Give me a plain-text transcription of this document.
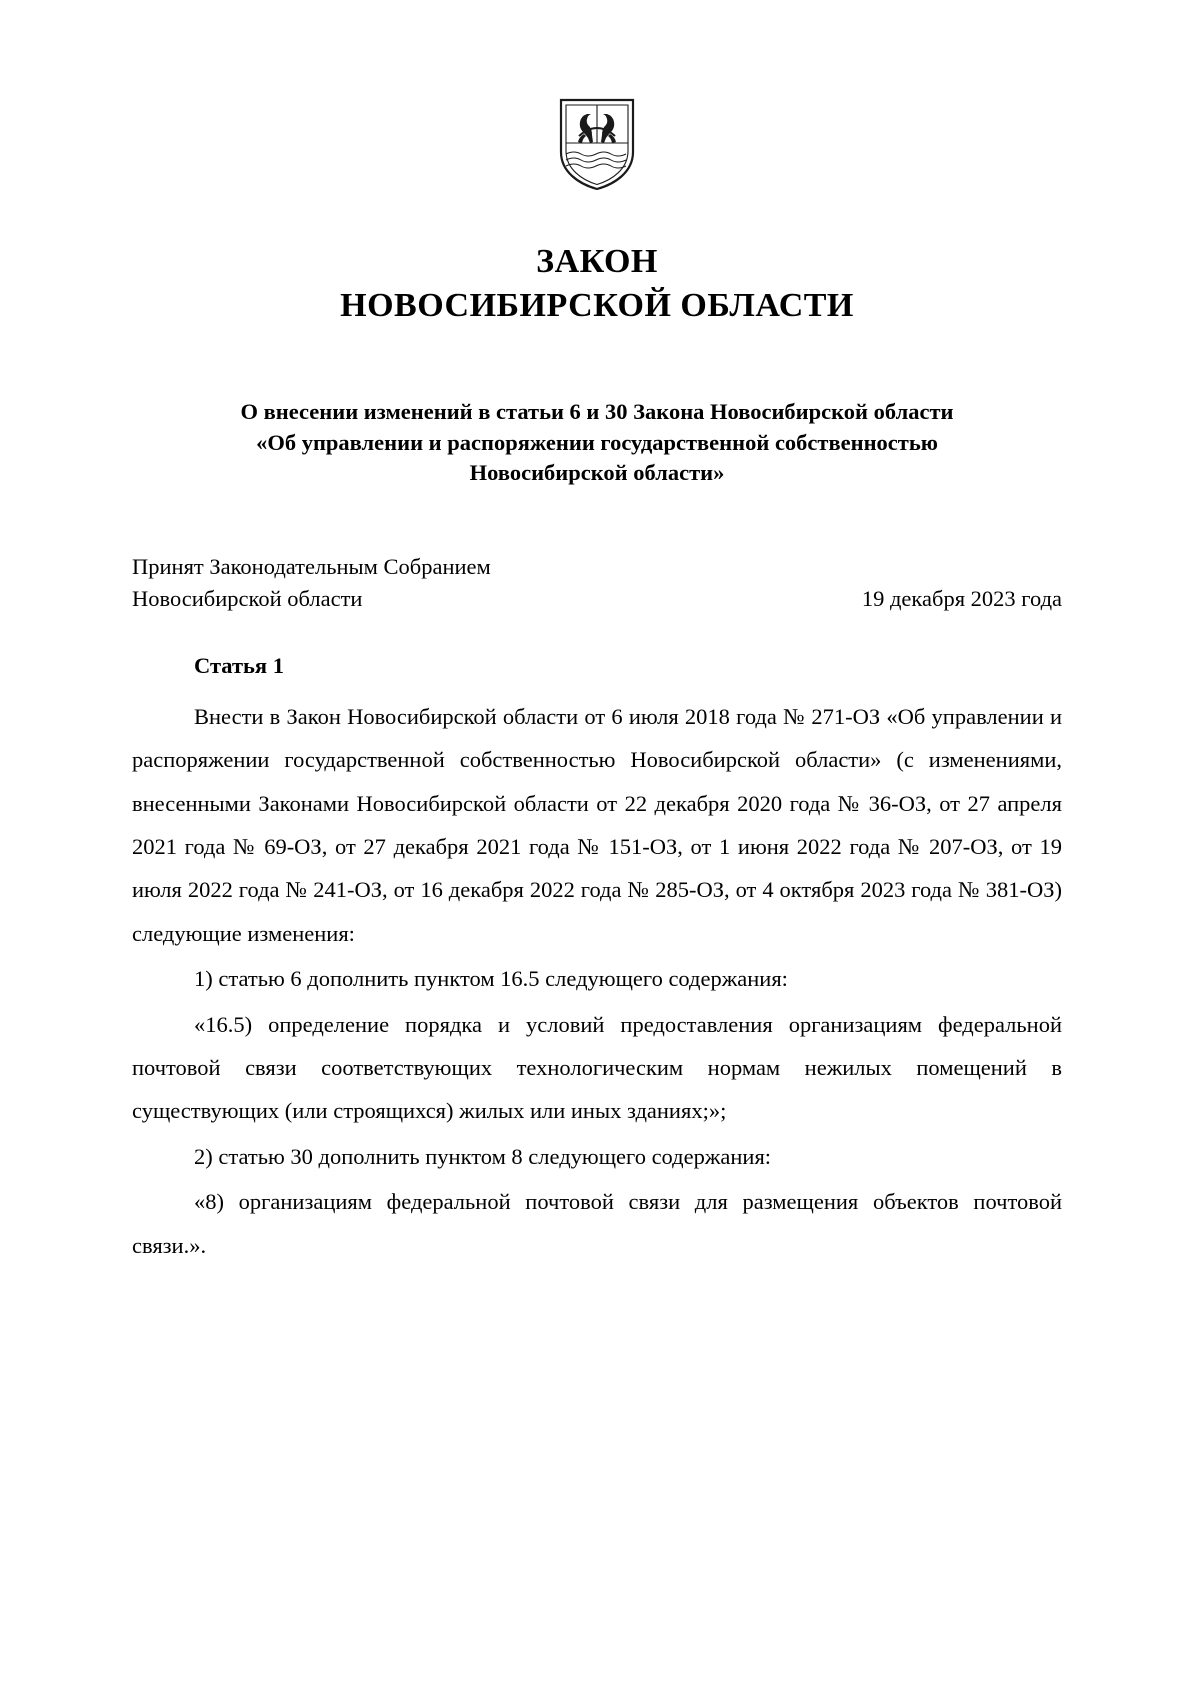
ЗАКОН
НОВОСИБИРСКОЙ ОБЛАСТИ
О внесении изменений в статьи 6 и 30 Закона Новосибирской области
«Об управлении и распоряжении государственной собственностью
Новосибирской области»
Принят Законодательным Собранием
Новосибирской области	19 декабря 2023 года
Статья 1

Внести в Закон Новосибирской области от 6 июля 2018 года № 271-ОЗ «Об управлении и распоряжении государственной собственностью Новосибирской области» (с изменениями, внесенными Законами Новосибирской области от 22 декабря 2020 года № 36-ОЗ, от 27 апреля 2021 года № 69-ОЗ, от 27 декабря 2021 года № 151-ОЗ, от 1 июня 2022 года № 207-ОЗ, от 19 июля 2022 года № 241-ОЗ, от 16 декабря 2022 года № 285-ОЗ, от 4 октября 2023 года № 381-ОЗ) следующие изменения:

1) статью 6 дополнить пунктом 16.5 следующего содержания:

«16.5) определение порядка и условий предоставления организациям федеральной почтовой связи соответствующих технологическим нормам нежилых помещений в существующих (или строящихся) жилых или иных зданиях;»;

2) статью 30 дополнить пунктом 8 следующего содержания:

«8) организациям федеральной почтовой связи для размещения объектов почтовой связи.».
